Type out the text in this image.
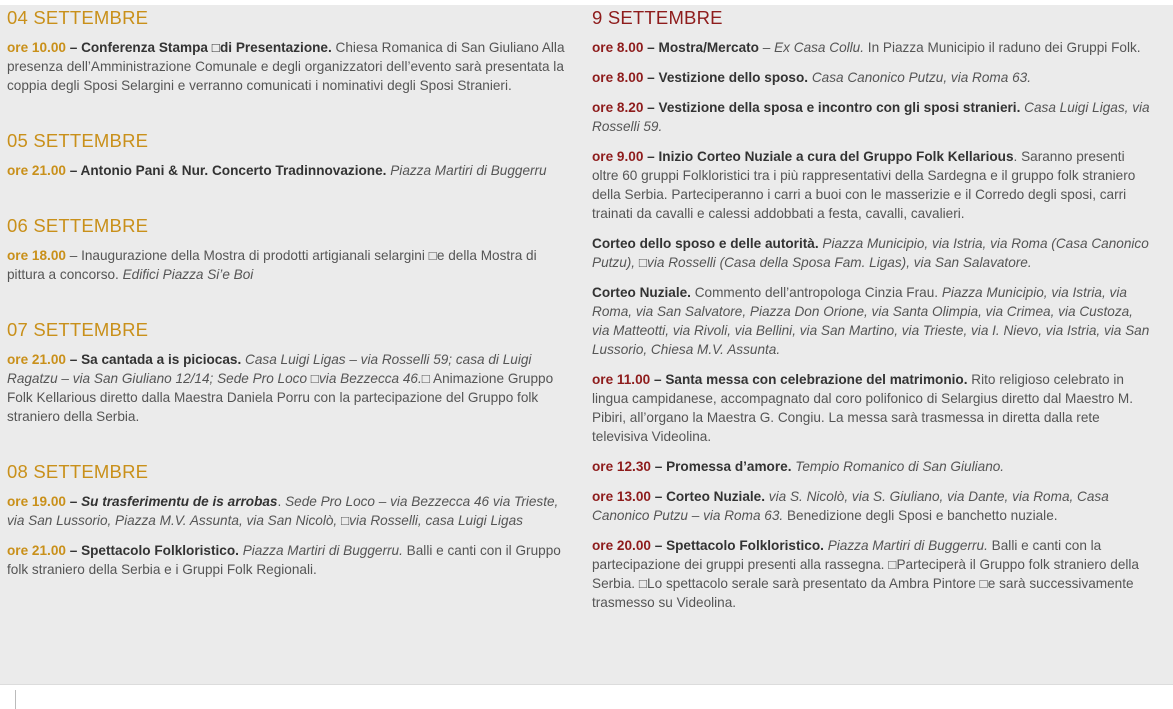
04 SETTEMBRE

ore 10.00 – Conferenza Stampa □di Presentazione. Chiesa Romanica di San Giuliano Alla presenza dell’Amministrazione Comunale e degli organizzatori dell’evento sarà presentata la coppia degli Sposi Selargini e verranno comunicati i nominativi degli Sposi Stranieri.

05 SETTEMBRE

ore 21.00 – Antonio Pani & Nur. Concerto Tradinnovazione. Piazza Martiri di Buggerru

06 SETTEMBRE

ore 18.00 – Inaugurazione della Mostra di prodotti artigianali selargini □e della Mostra di pittura a concorso. Edifici Piazza Si’e Boi

07 SETTEMBRE

ore 21.00 – Sa cantada a is piciocas. Casa Luigi Ligas – via Rosselli 59; casa di Luigi Ragatzu – via San Giuliano 12/14; Sede Pro Loco □via Bezzecca 46.□ Animazione Gruppo Folk Kellarious diretto dalla Maestra Daniela Porru con la partecipazione del Gruppo folk straniero della Serbia.

08 SETTEMBRE

ore 19.00 – Su trasferimentu de is arrobas. Sede Pro Loco – via Bezzecca 46 via Trieste, via San Lussorio, Piazza M.V. Assunta, via San Nicolò, □via Rosselli, casa Luigi Ligas

ore 21.00 – Spettacolo Folkloristico. Piazza Martiri di Buggerru. Balli e canti con il Gruppo folk straniero della Serbia e i Gruppi Folk Regionali.

9 SETTEMBRE

ore 8.00 – Mostra/Mercato – Ex Casa Collu. In Piazza Municipio il raduno dei Gruppi Folk.

ore 8.00 – Vestizione dello sposo. Casa Canonico Putzu, via Roma 63.

ore 8.20 – Vestizione della sposa e incontro con gli sposi stranieri. Casa Luigi Ligas, via Rosselli 59.

ore 9.00 – Inizio Corteo Nuziale a cura del Gruppo Folk Kellarious. Saranno presenti oltre 60 gruppi Folkloristici tra i più rappresentativi della Sardegna e il gruppo folk straniero della Serbia. Parteciperanno i carri a buoi con le masserizie e il Corredo degli sposi, carri trainati da cavalli e calessi addobbati a festa, cavalli, cavalieri.

Corteo dello sposo e delle autorità. Piazza Municipio, via Istria, via Roma (Casa Canonico Putzu), □via Rosselli (Casa della Sposa Fam. Ligas), via San Salavatore.

Corteo Nuziale. Commento dell’antropologa Cinzia Frau. Piazza Municipio, via Istria, via Roma, via San Salvatore, Piazza Don Orione, via Santa Olimpia, via Crimea, via Custoza, via Matteotti, via Rivoli, via Bellini, via San Martino, via Trieste, via I. Nievo, via Istria, via San Lussorio, Chiesa M.V. Assunta.

ore 11.00 – Santa messa con celebrazione del matrimonio. Rito religioso celebrato in lingua campidanese, accompagnato dal coro polifonico di Selargius diretto dal Maestro M. Pibiri, all’organo la Maestra G. Congiu. La messa sarà trasmessa in diretta dalla rete televisiva Videolina.

ore 12.30 – Promessa d’amore. Tempio Romanico di San Giuliano.

ore 13.00 – Corteo Nuziale. via S. Nicolò, via S. Giuliano, via Dante, via Roma, Casa Canonico Putzu – via Roma 63. Benedizione degli Sposi e banchetto nuziale.

ore 20.00 – Spettacolo Folkloristico. Piazza Martiri di Buggerru. Balli e canti con la partecipazione dei gruppi presenti alla rassegna. □Parteciperà il Gruppo folk straniero della Serbia. □Lo spettacolo serale sarà presentato da Ambra Pintore □e sarà successivamente trasmesso su Videolina.
